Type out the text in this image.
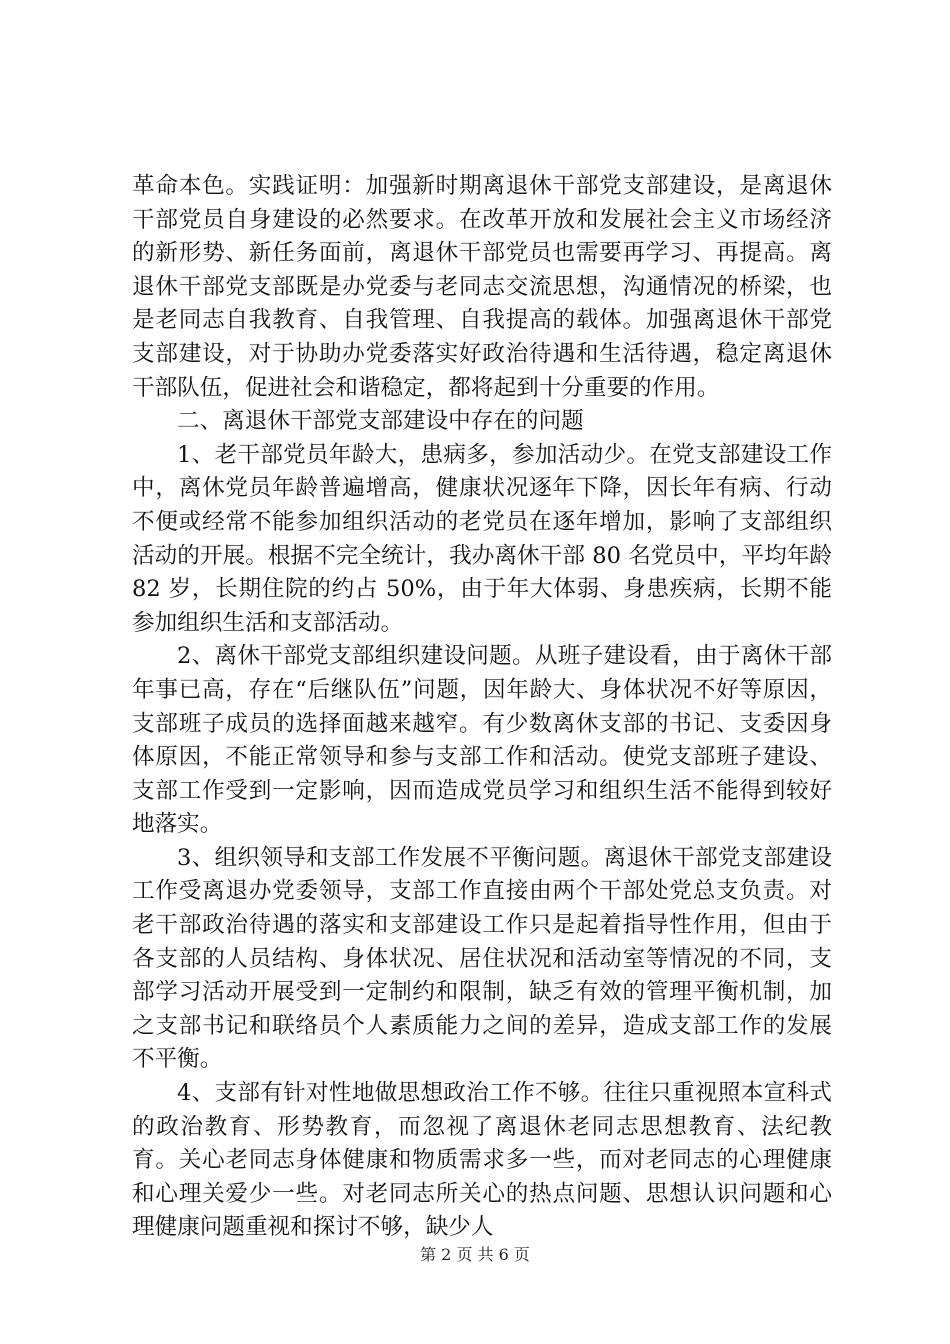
革命本色。实践证明：加强新时期离退休干部党支部建设，是离退休干部党员自身建设的必然要求。在改革开放和发展社会主义市场经济的新形势、新任务面前，离退休干部党员也需要再学习、再提高。离退休干部党支部既是办党委与老同志交流思想，沟通情况的桥梁，也是老同志自我教育、自我管理、自我提高的载体。加强离退休干部党支部建设，对于协助办党委落实好政治待遇和生活待遇，稳定离退休干部队伍，促进社会和谐稳定，都将起到十分重要的作用。

二、离退休干部党支部建设中存在的问题

1、老干部党员年龄大，患病多，参加活动少。在党支部建设工作中，离休党员年龄普遍增高，健康状况逐年下降，因长年有病、行动不便或经常不能参加组织活动的老党员在逐年增加，影响了支部组织活动的开展。根据不完全统计，我办离休干部 80 名党员中，平均年龄 82 岁，长期住院的约占 50%，由于年大体弱、身患疾病，长期不能参加组织生活和支部活动。

2、离休干部党支部组织建设问题。从班子建设看，由于离休干部年事已高，存在“后继队伍”问题，因年龄大、身体状况不好等原因，支部班子成员的选择面越来越窄。有少数离休支部的书记、支委因身体原因，不能正常领导和参与支部工作和活动。使党支部班子建设、支部工作受到一定影响，因而造成党员学习和组织生活不能得到较好地落实。

3、组织领导和支部工作发展不平衡问题。离退休干部党支部建设工作受离退办党委领导，支部工作直接由两个干部处党总支负责。对老干部政治待遇的落实和支部建设工作只是起着指导性作用，但由于各支部的人员结构、身体状况、居住状况和活动室等情况的不同，支部学习活动开展受到一定制约和限制，缺乏有效的管理平衡机制，加之支部书记和联络员个人素质能力之间的差异，造成支部工作的发展不平衡。

4、支部有针对性地做思想政治工作不够。往往只重视照本宣科式的政治教育、形势教育，而忽视了离退休老同志思想教育、法纪教育。关心老同志身体健康和物质需求多一些，而对老同志的心理健康和心理关爱少一些。对老同志所关心的热点问题、思想认识问题和心理健康问题重视和探讨不够，缺少人

第 2 页 共 6 页
